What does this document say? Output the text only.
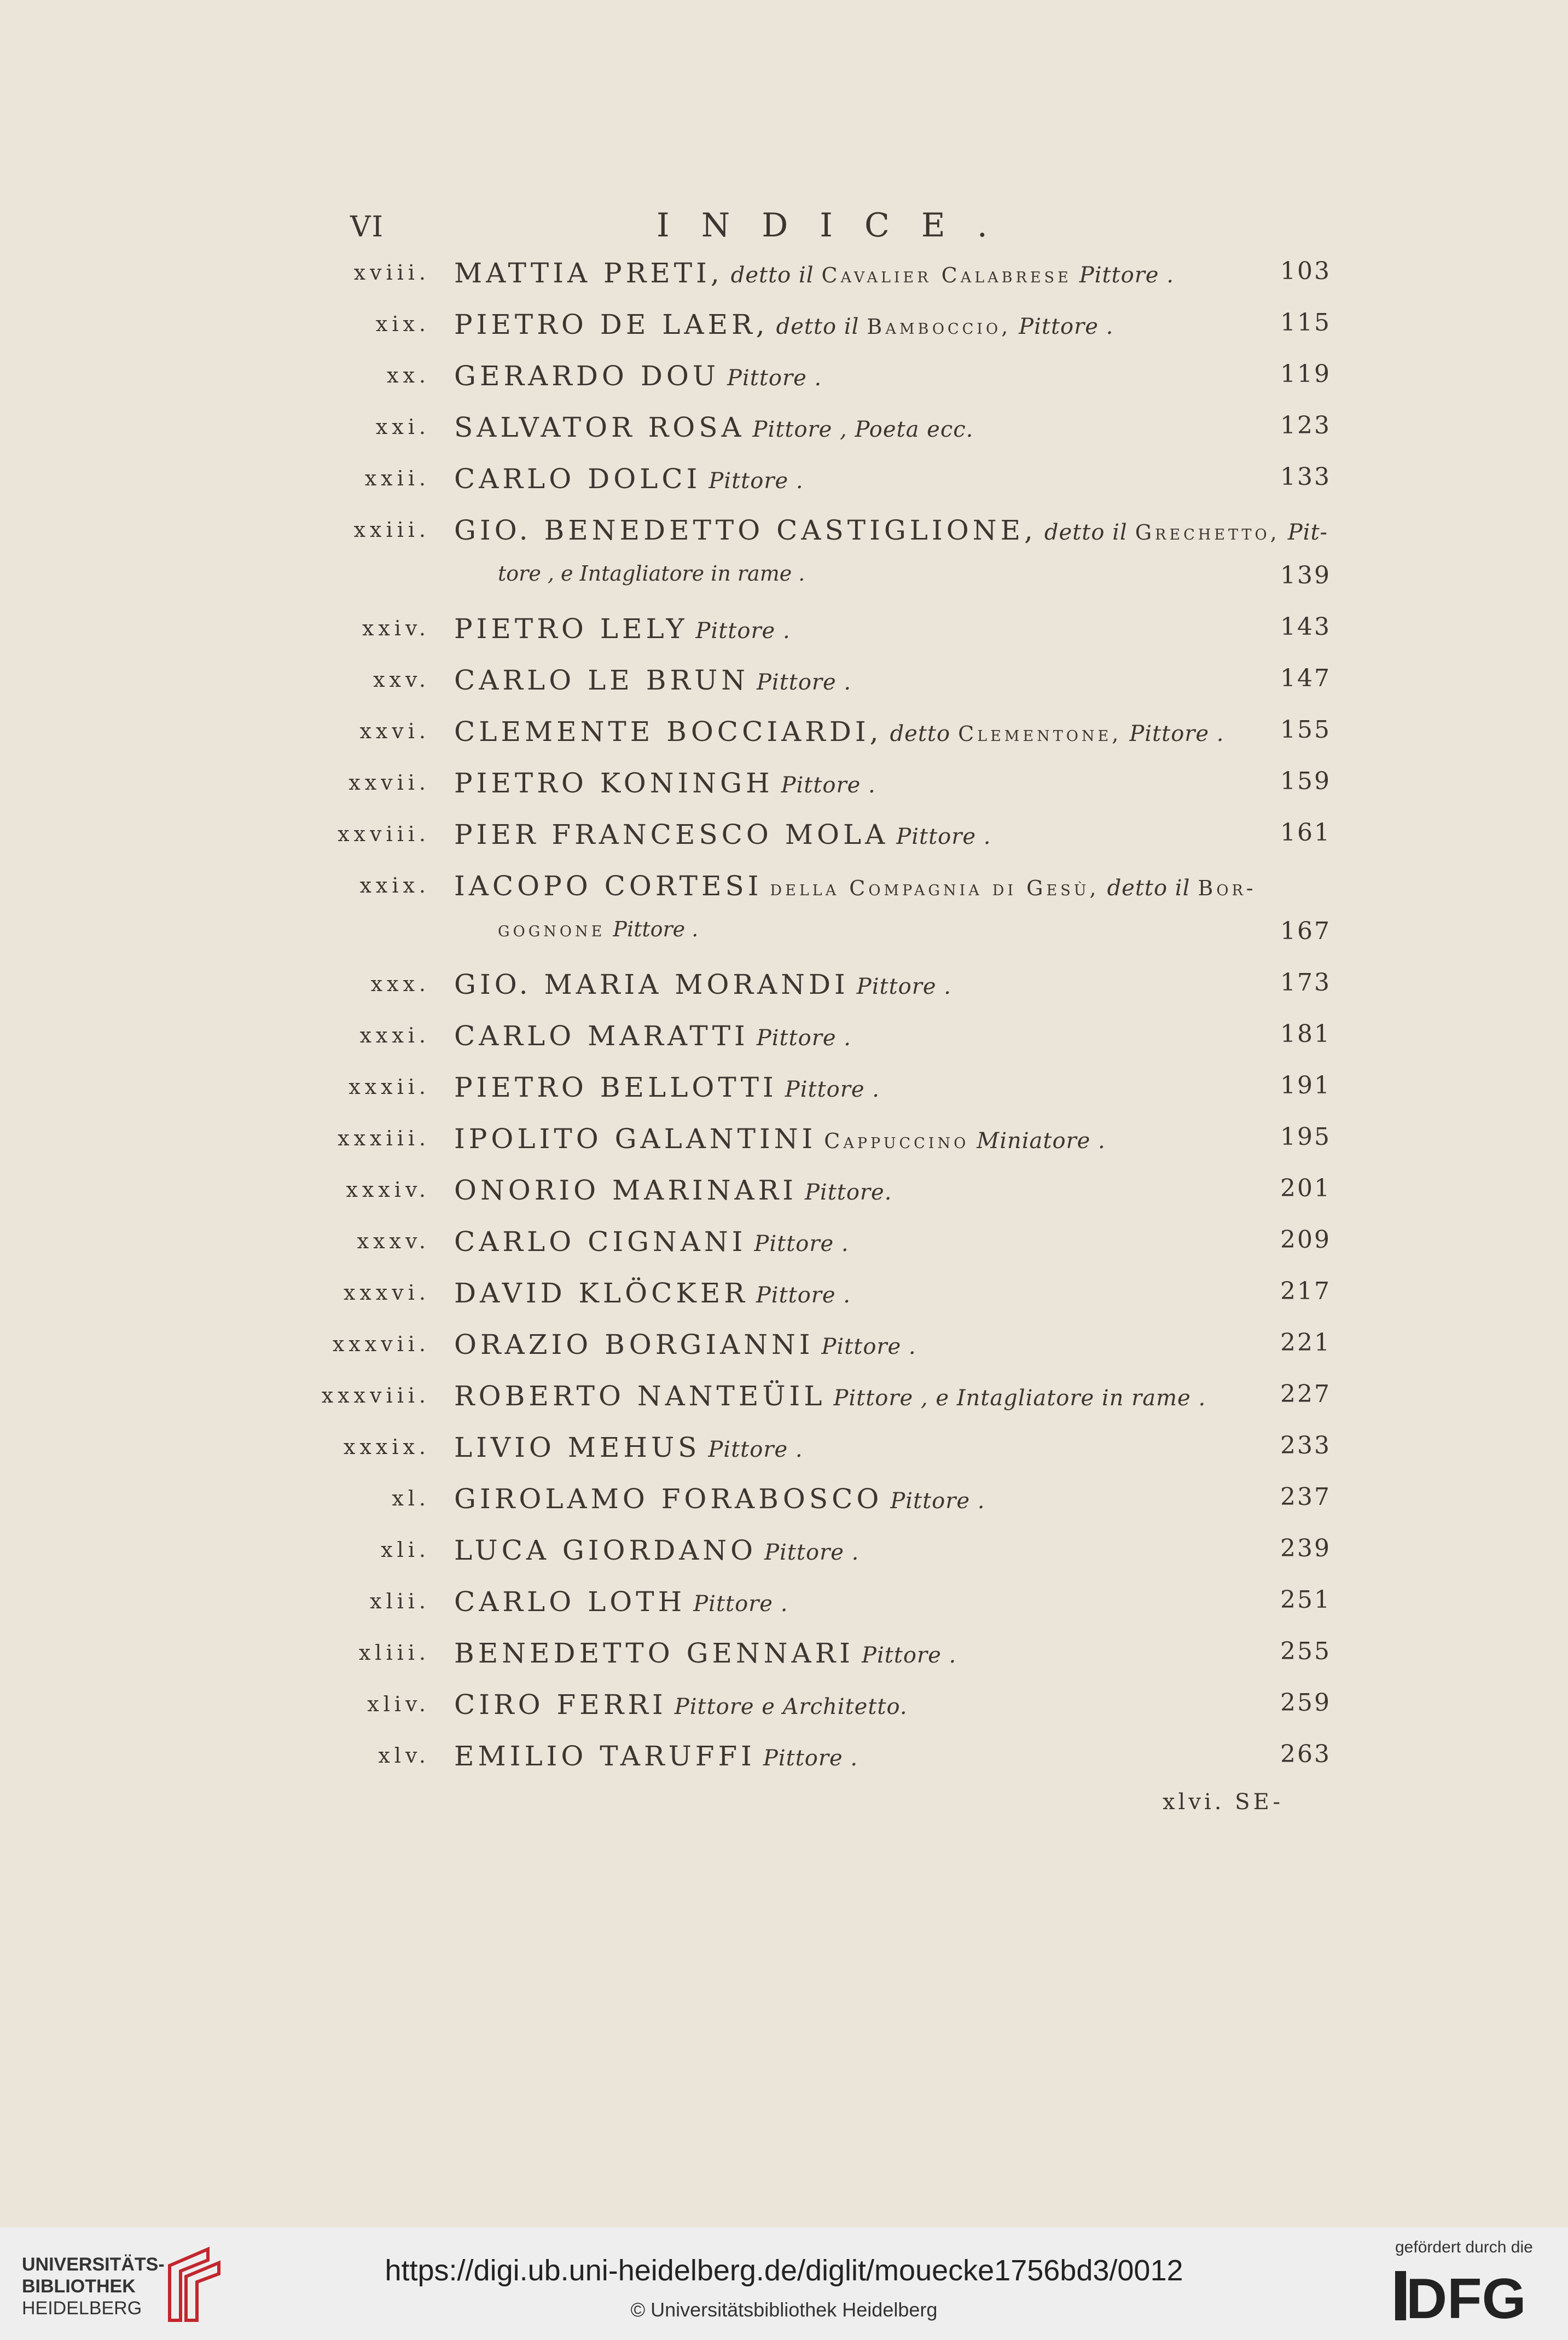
VI	INDICE.
xviii. MATTIA PRETI, detto il Cavalier Calabrese Pittore .	103
xix. PIETRO DE LAER, detto il Bamboccio, Pittore .	115
xx. GERARDO DOU Pittore .	119
xxi. SALVATOR ROSA Pittore , Poeta ecc.	123
xxii. CARLO DOLCI Pittore .	133
xxiii. GIO. BENEDETTO CASTIGLIONE, detto il Grechetto, Pit-
tore , e Intagliatore in rame .	139
xxiv. PIETRO LELY Pittore .	143
xxv. CARLO LE BRUN Pittore .	147
xxvi. CLEMENTE BOCCIARDI, detto Clementone, Pittore . 155
xxvii. PIETRO KONINGH Pittore .	159
xxviii. PIER FRANCESCO MOLA Pittore .	161
xxix. IACOPO CORTESI della Compagnia di Gesù, detto il Bor-
gognone Pittore .	167
xxx. GIO. MARIA MORANDI Pittore .	173
xxxi. CARLO MARATTI Pittore .	181
xxxii. PIETRO BELLOTTI Pittore .	191
xxxiii. IPOLITO GALANTINI Cappuccino Miniatore .	195
xxxiv. ONORIO MARINARI Pittore.	201
xxxv. CARLO CIGNANI Pittore .	209
xxxvi. DAVID KLÖCKER Pittore .	217
xxxvii. ORAZIO BORGIANNI Pittore .	221
xxxviii. ROBERTO NANTEÜIL Pittore , e Intagliatore in rame .	227
xxxix. LIVIO MEHUS Pittore .	233
xl. GIROLAMO FORABOSCO Pittore .	237
xli. LUCA GIORDANO Pittore .	239
xlii. CARLO LOTH Pittore .	251
xliii. BENEDETTO GENNARI Pittore .	255
xliv. CIRO FERRI Pittore e Architetto.	259
xlv. EMILIO TARUFFI Pittore .	263
xlvi. SE-
UNIVERSITÄTS-
BIBLIOTHEK
HEIDELBERG
https://digi.ub.uni-heidelberg.de/diglit/mouecke1756bd3/0012
© Universitätsbibliothek Heidelberg
gefördert durch die
DFG
